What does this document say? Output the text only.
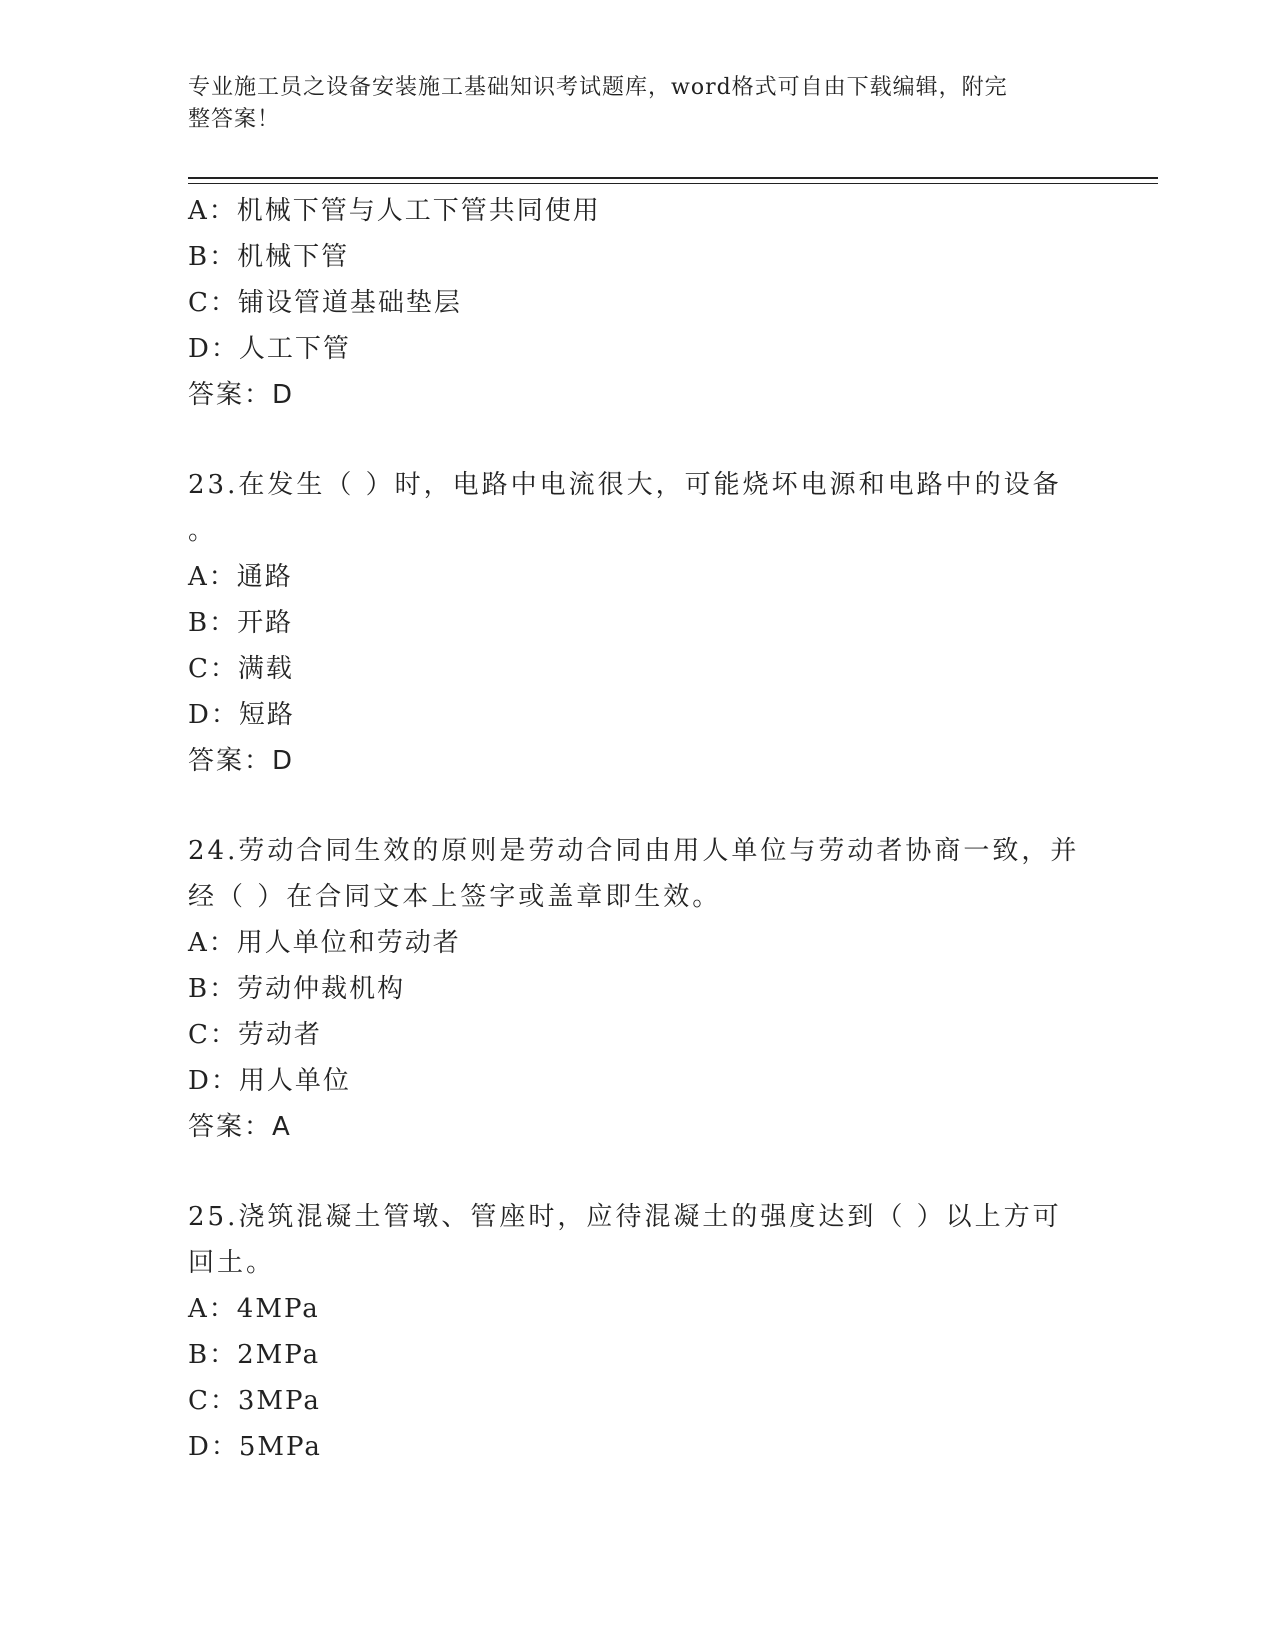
专业施工员之设备安装施工基础知识考试题库，word格式可自由下载编辑，附完
整答案！
A：机械下管与人工下管共同使用
B：机械下管
C：铺设管道基础垫层
D：人工下管
答案：D
23.在发生（ ）时，电路中电流很大，可能烧坏电源和电路中的设备
。
A：通路
B：开路
C：满载
D：短路
答案：D
24.劳动合同生效的原则是劳动合同由用人单位与劳动者协商一致，并
经（ ）在合同文本上签字或盖章即生效。
A：用人单位和劳动者
B：劳动仲裁机构
C：劳动者
D：用人单位
答案：A
25.浇筑混凝土管墩、管座时，应待混凝土的强度达到（ ）以上方可
回土。
A：4MPa
B：2MPa
C：3MPa
D：5MPa
